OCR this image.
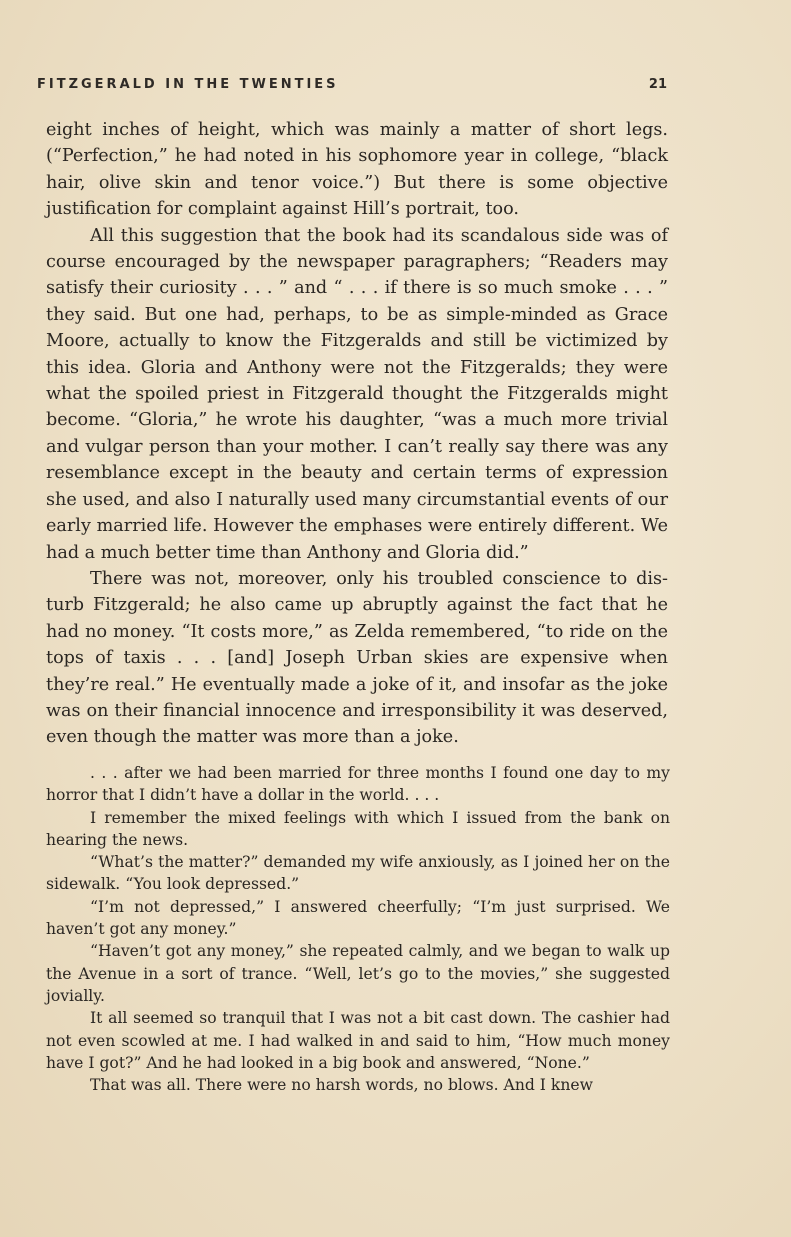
FITZGERALD IN THE TWENTIES	21

eight inches of height, which was mainly a matter of short legs. (“Perfection,” he had noted in his sophomore year in college, “black hair, olive skin and tenor voice.”) But there is some objective justification for complaint against Hill’s portrait, too.

All this suggestion that the book had its scandalous side was of course encouraged by the newspaper paragraphers; “Readers may satisfy their curiosity . . . ” and “ . . . if there is so much smoke . . . ” they said. But one had, perhaps, to be as simple-minded as Grace Moore, actually to know the Fitzgeralds and still be victimized by this idea. Gloria and Anthony were not the Fitzgeralds; they were what the spoiled priest in Fitzgerald thought the Fitzgeralds might become. “Gloria,” he wrote his daughter, “was a much more trivial and vulgar person than your mother. I can’t really say there was any resemblance except in the beauty and certain terms of expression she used, and also I naturally used many circumstantial events of our early married life. However the emphases were entirely different. We had a much better time than Anthony and Gloria did.”

There was not, moreover, only his troubled conscience to disturb Fitzgerald; he also came up abruptly against the fact that he had no money. “It costs more,” as Zelda remembered, “to ride on the tops of taxis . . . [and] Joseph Urban skies are expensive when they’re real.” He eventually made a joke of it, and insofar as the joke was on their financial innocence and irresponsibility it was deserved, even though the matter was more than a joke.

. . . after we had been married for three months I found one day to my horror that I didn’t have a dollar in the world. . . .

I remember the mixed feelings with which I issued from the bank on hearing the news.

“What’s the matter?” demanded my wife anxiously, as I joined her on the sidewalk. “You look depressed.”

“I’m not depressed,” I answered cheerfully; “I’m just surprised. We haven’t got any money.”

“Haven’t got any money,” she repeated calmly, and we began to walk up the Avenue in a sort of trance. “Well, let’s go to the movies,” she suggested jovially.

It all seemed so tranquil that I was not a bit cast down. The cashier had not even scowled at me. I had walked in and said to him, “How much money have I got?” And he had looked in a big book and answered, “None.”

That was all. There were no harsh words, no blows. And I knew
